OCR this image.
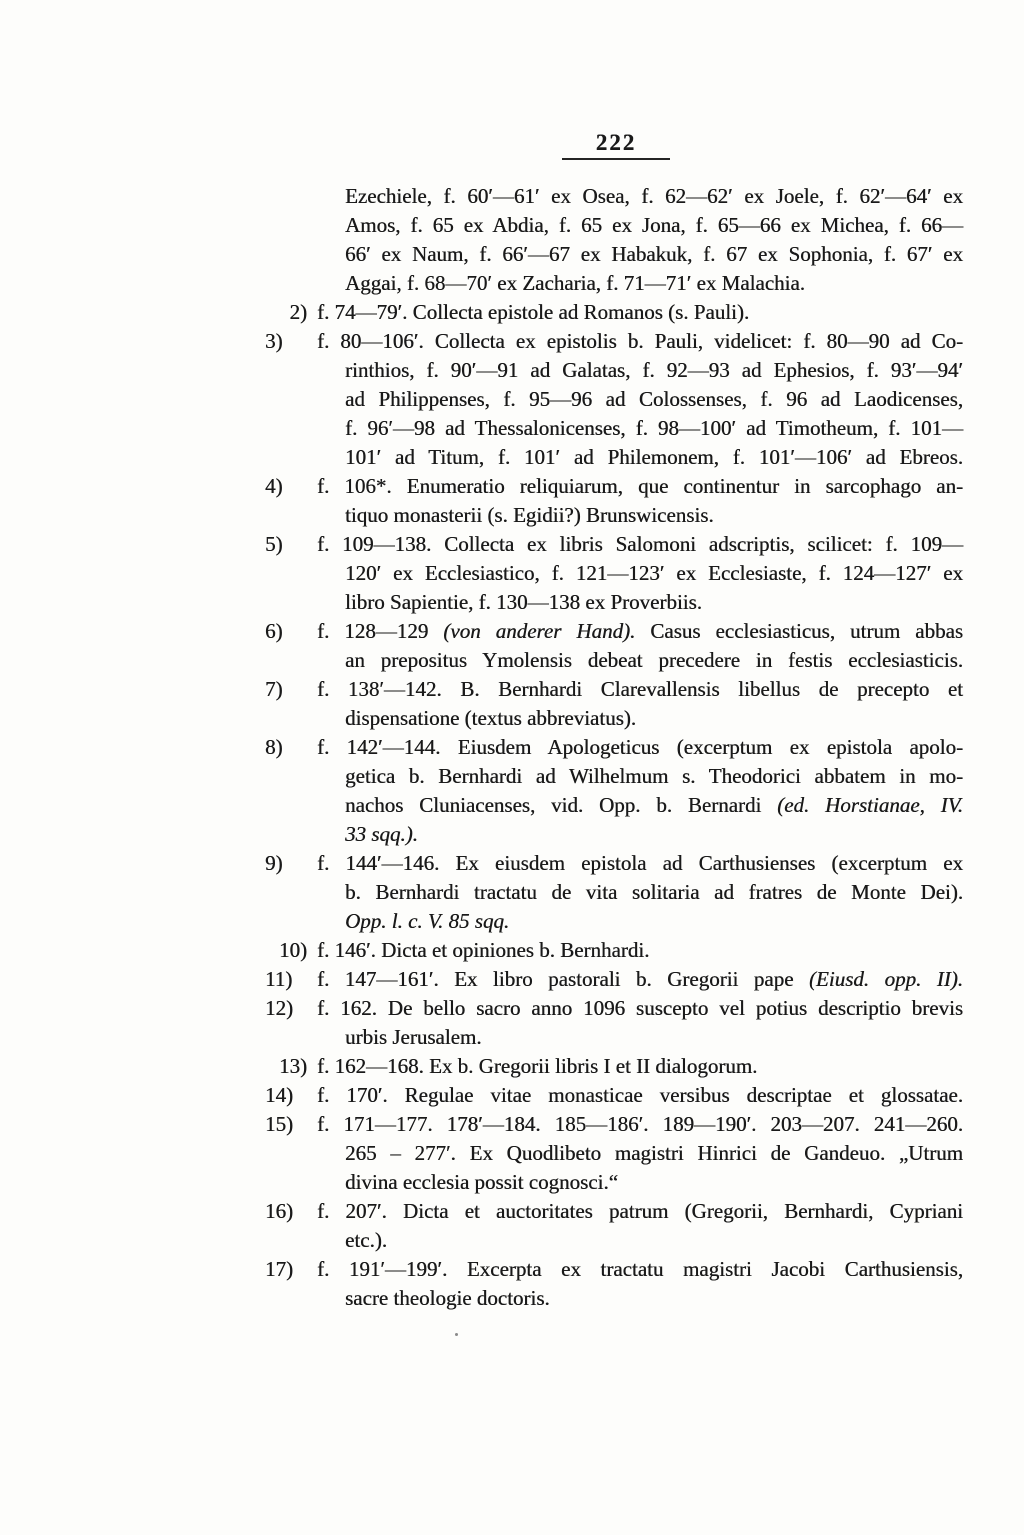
222
Ezechiele, f. 60′—61′ ex Osea, f. 62—62′ ex Joele, f. 62′—64′ ex
Amos, f. 65 ex Abdia, f. 65 ex Jona, f. 65—66 ex Michea, f. 66—
66′ ex Naum, f. 66′—67 ex Habakuk, f. 67 ex Sophonia, f. 67′ ex
Aggai, f. 68—70′ ex Zacharia, f. 71—71′ ex Malachia.
2) f. 74—79′. Collecta epistole ad Romanos (s. Pauli).
3) f. 80—106′. Collecta ex epistolis b. Pauli, videlicet: f. 80—90 ad Co-
rinthios, f. 90′—91 ad Galatas, f. 92—93 ad Ephesios, f. 93′—94′
ad Philippenses, f. 95—96 ad Colossenses, f. 96 ad Laodicenses,
f. 96′—98 ad Thessalonicenses, f. 98—100′ ad Timotheum, f. 101—
101′ ad Titum, f. 101′ ad Philemonem, f. 101′—106′ ad Ebreos.
4) f. 106*. Enumeratio reliquiarum, que continentur in sarcophago an-
tiquo monasterii (s. Egidii?) Brunswicensis.
5) f. 109—138. Collecta ex libris Salomoni adscriptis, scilicet: f. 109—
120′ ex Ecclesiastico, f. 121—123′ ex Ecclesiaste, f. 124—127′ ex
libro Sapientie, f. 130—138 ex Proverbiis.
6) f. 128—129 (von anderer Hand). Casus ecclesiasticus, utrum abbas
an prepositus Ymolensis debeat precedere in festis ecclesiasticis.
7) f. 138′—142. B. Bernhardi Clarevallensis libellus de precepto et
dispensatione (textus abbreviatus).
8) f. 142′—144. Eiusdem Apologeticus (excerptum ex epistola apolo-
getica b. Bernhardi ad Wilhelmum s. Theodorici abbatem in mo-
nachos Cluniacenses, vid. Opp. b. Bernardi (ed. Horstianae, IV.
33 sqq.).
9) f. 144′—146. Ex eiusdem epistola ad Carthusienses (excerptum ex
b. Bernhardi tractatu de vita solitaria ad fratres de Monte Dei).
Opp. l. c. V. 85 sqq.
10) f. 146′. Dicta et opiniones b. Bernhardi.
11) f. 147—161′. Ex libro pastorali b. Gregorii pape (Eiusd. opp. II).
12) f. 162. De bello sacro anno 1096 suscepto vel potius descriptio brevis
urbis Jerusalem.
13) f. 162—168. Ex b. Gregorii libris I et II dialogorum.
14) f. 170′. Regulae vitae monasticae versibus descriptae et glossatae.
15) f. 171—177. 178′—184. 185—186′. 189—190′. 203—207. 241—260.
265 – 277′. Ex Quodlibeto magistri Hinrici de Gandeuo. „Utrum
divina ecclesia possit cognosci.“
16) f. 207′. Dicta et auctoritates patrum (Gregorii, Bernhardi, Cypriani
etc.).
17) f. 191′—199′. Excerpta ex tractatu magistri Jacobi Carthusiensis,
sacre theologie doctoris.
